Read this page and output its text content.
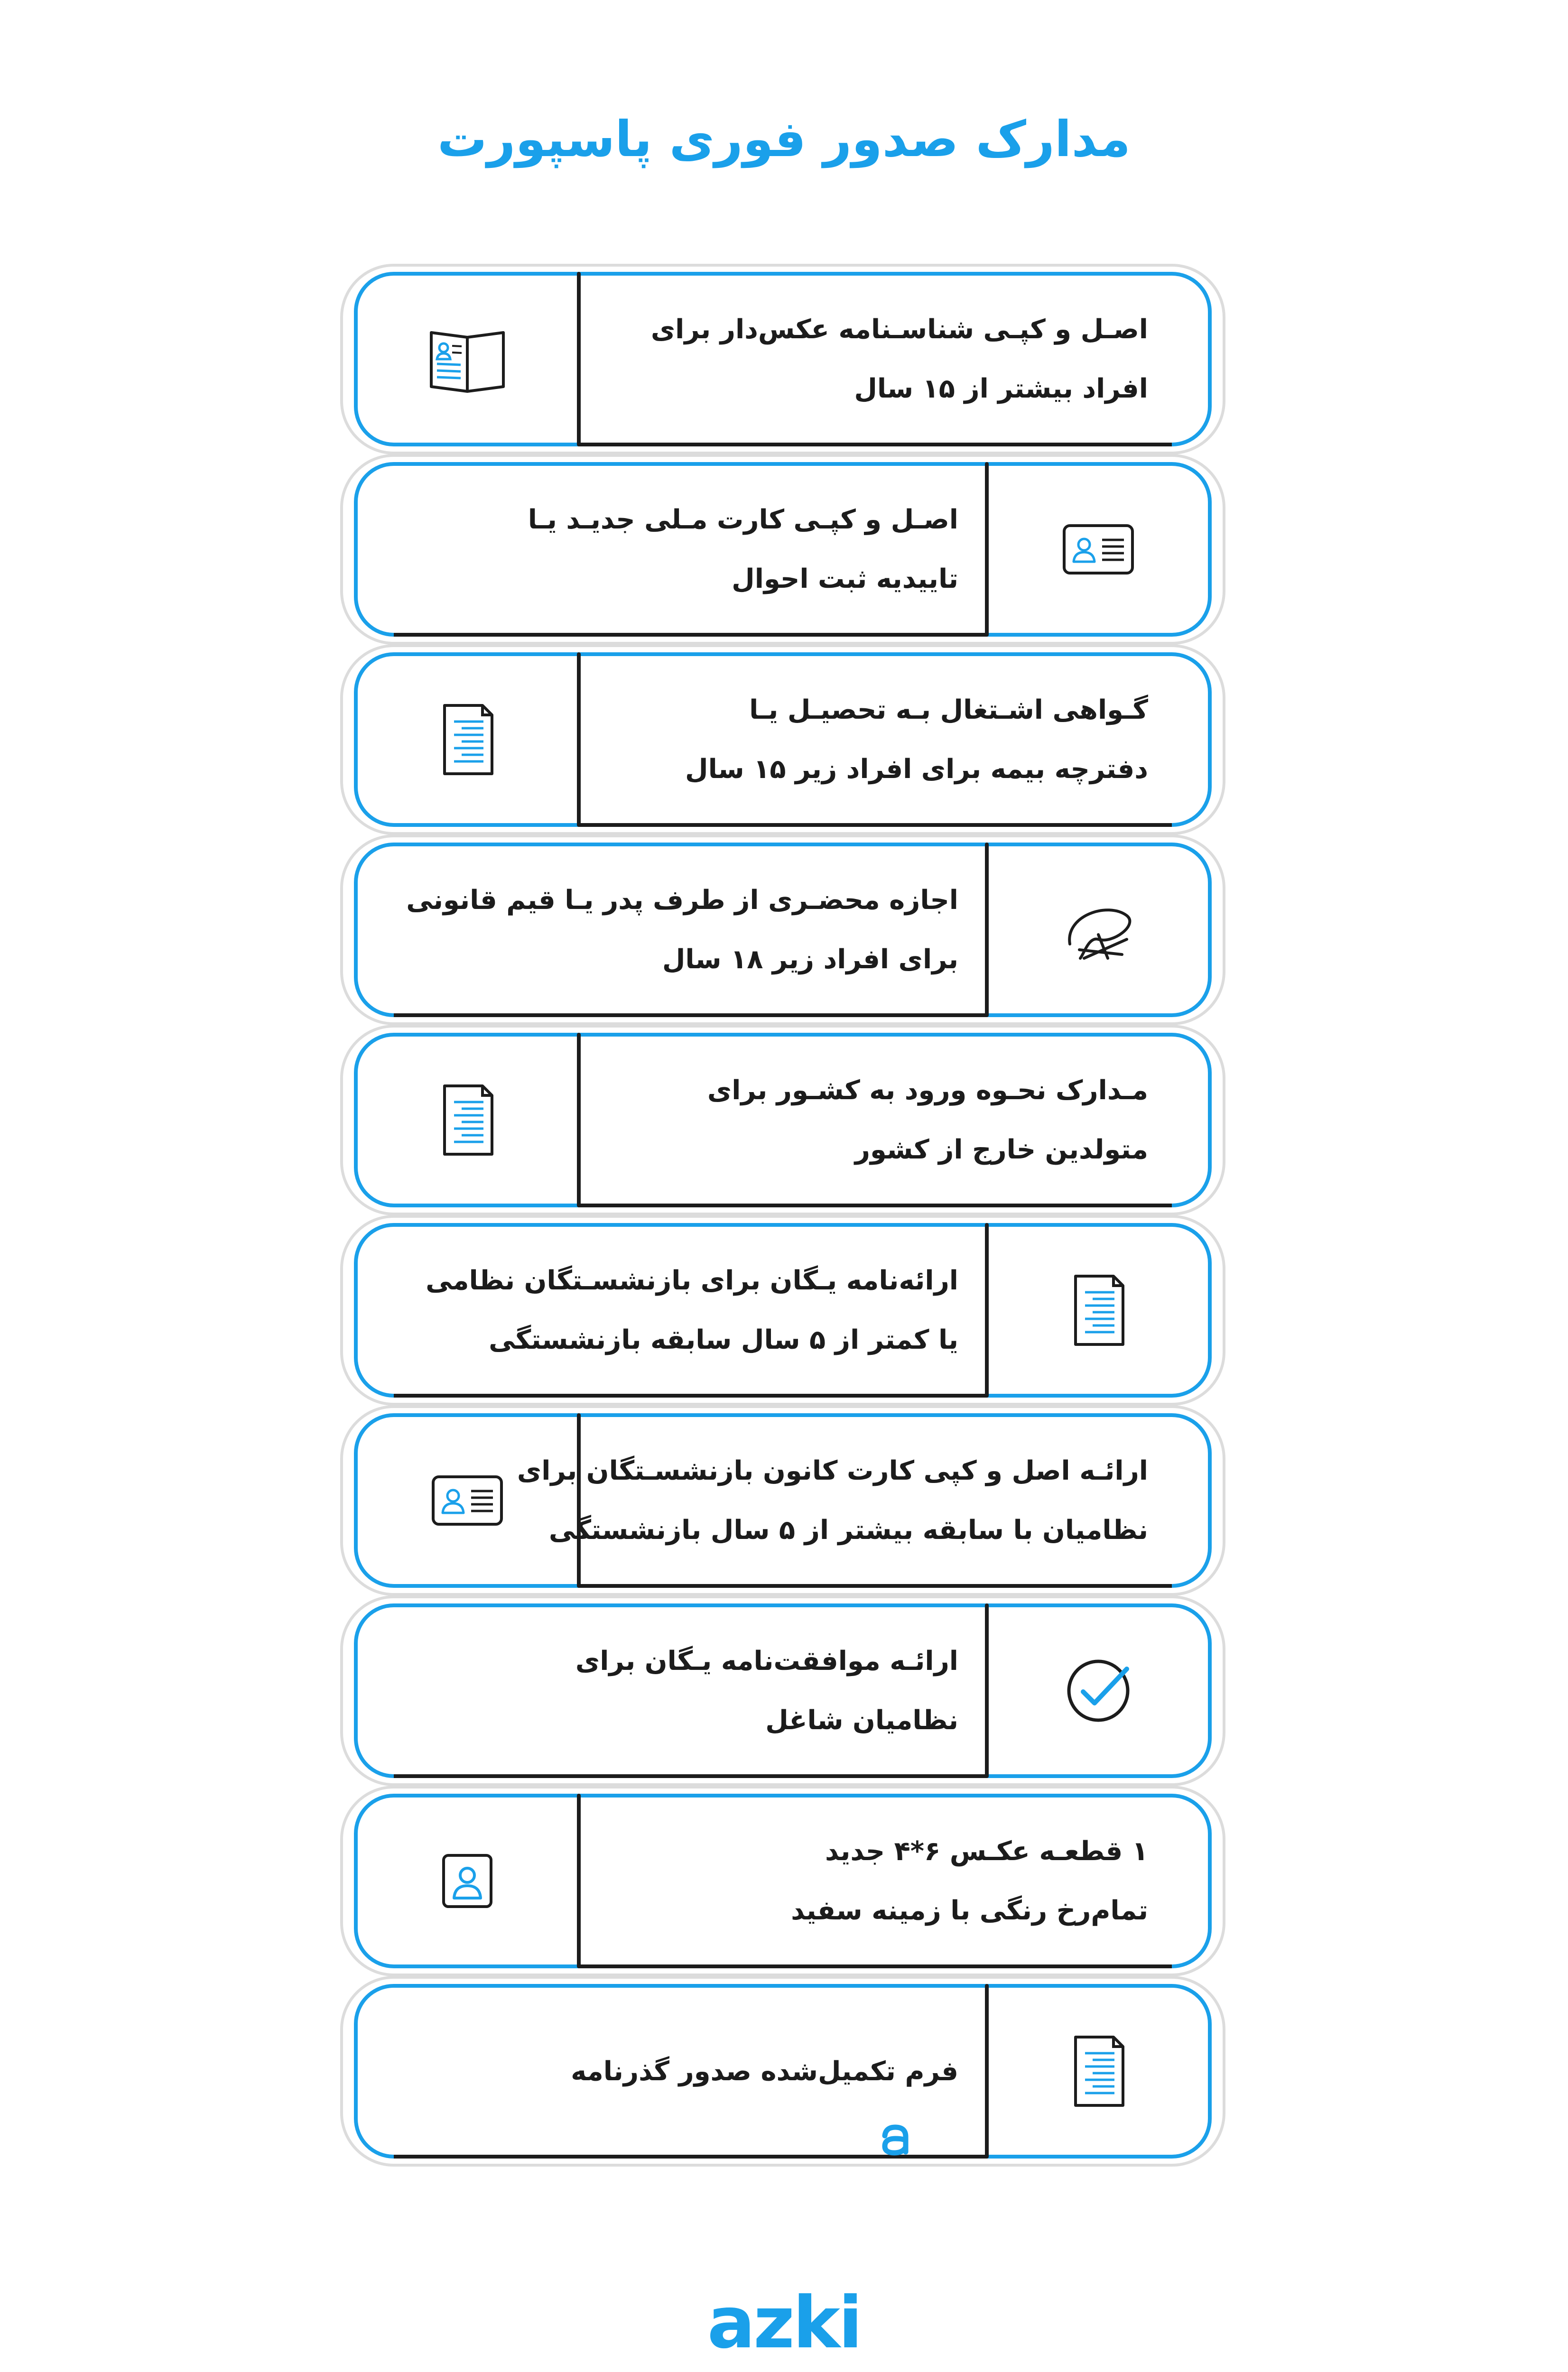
مدارک صدور فوری پاسپورت
اصـل و کپـی شناسـنامه عکس‌دار برای
افراد بیشتر از ۱۵ سال
اصـل و کپـی کارت مـلی جدیـد یـا
تاییدیه ثبت احوال
گـواهی اشـتغال بـه تحصیـل یـا
دفترچه بیمه برای افراد زیر ۱۵ سال
اجازه محضـری از طرف پدر یـا قیم قانونی
برای افراد زیر ۱۸ سال
مـدارک نحـوه ورود به کشـور برای
متولدین خارج از کشور
ارائه‌نامه یـگان برای بازنشسـتگان نظامی
یا کمتر از ۵ سال سابقه بازنشستگی
ارائـه اصل و کپی کارت کانون بازنشسـتگان برای
نظامیان با سابقه بیشتر از ۵ سال بازنشستگی
ارائـه موافقت‌نامه یـگان برای
نظامیان شاغل
۱ قطعـه عکـس ۶*۴ جدید
تمام‌رخ رنگی با زمینه سفید
فرم تکمیل‌شده صدور گذرنامه
azki
